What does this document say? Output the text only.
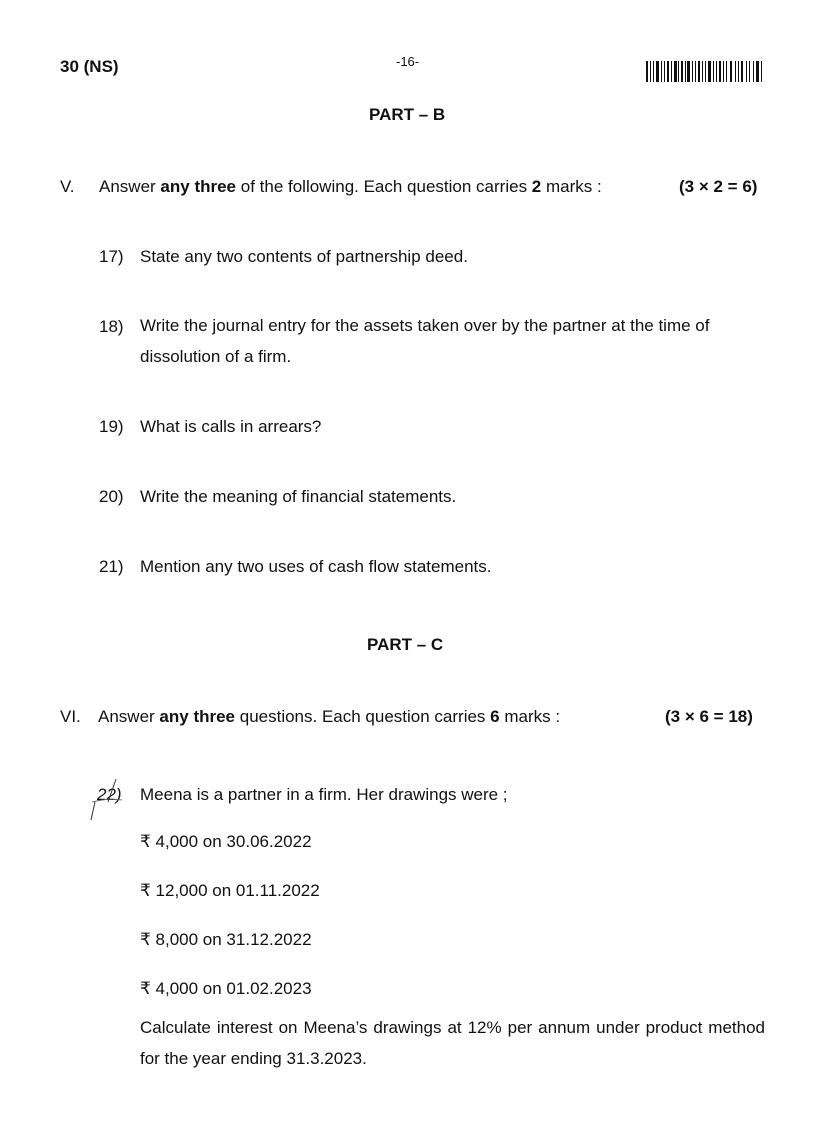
30 (NS)	-16-
PART – B
V. Answer any three of the following. Each question carries 2 marks :	(3 × 2 = 6)
17) State any two contents of partnership deed.
18) Write the journal entry for the assets taken over by the partner at the time of dissolution of a firm.
19) What is calls in arrears?
20) Write the meaning of financial statements.
21) Mention any two uses of cash flow statements.
PART – C
VI. Answer any three questions. Each question carries 6 marks :	(3 × 6 = 18)
22) Meena is a partner in a firm. Her drawings were ;
₹ 4,000 on 30.06.2022
₹ 12,000 on 01.11.2022
₹ 8,000 on 31.12.2022
₹ 4,000 on 01.02.2023
Calculate interest on Meena’s drawings at 12% per annum under product method for the year ending 31.3.2023.
